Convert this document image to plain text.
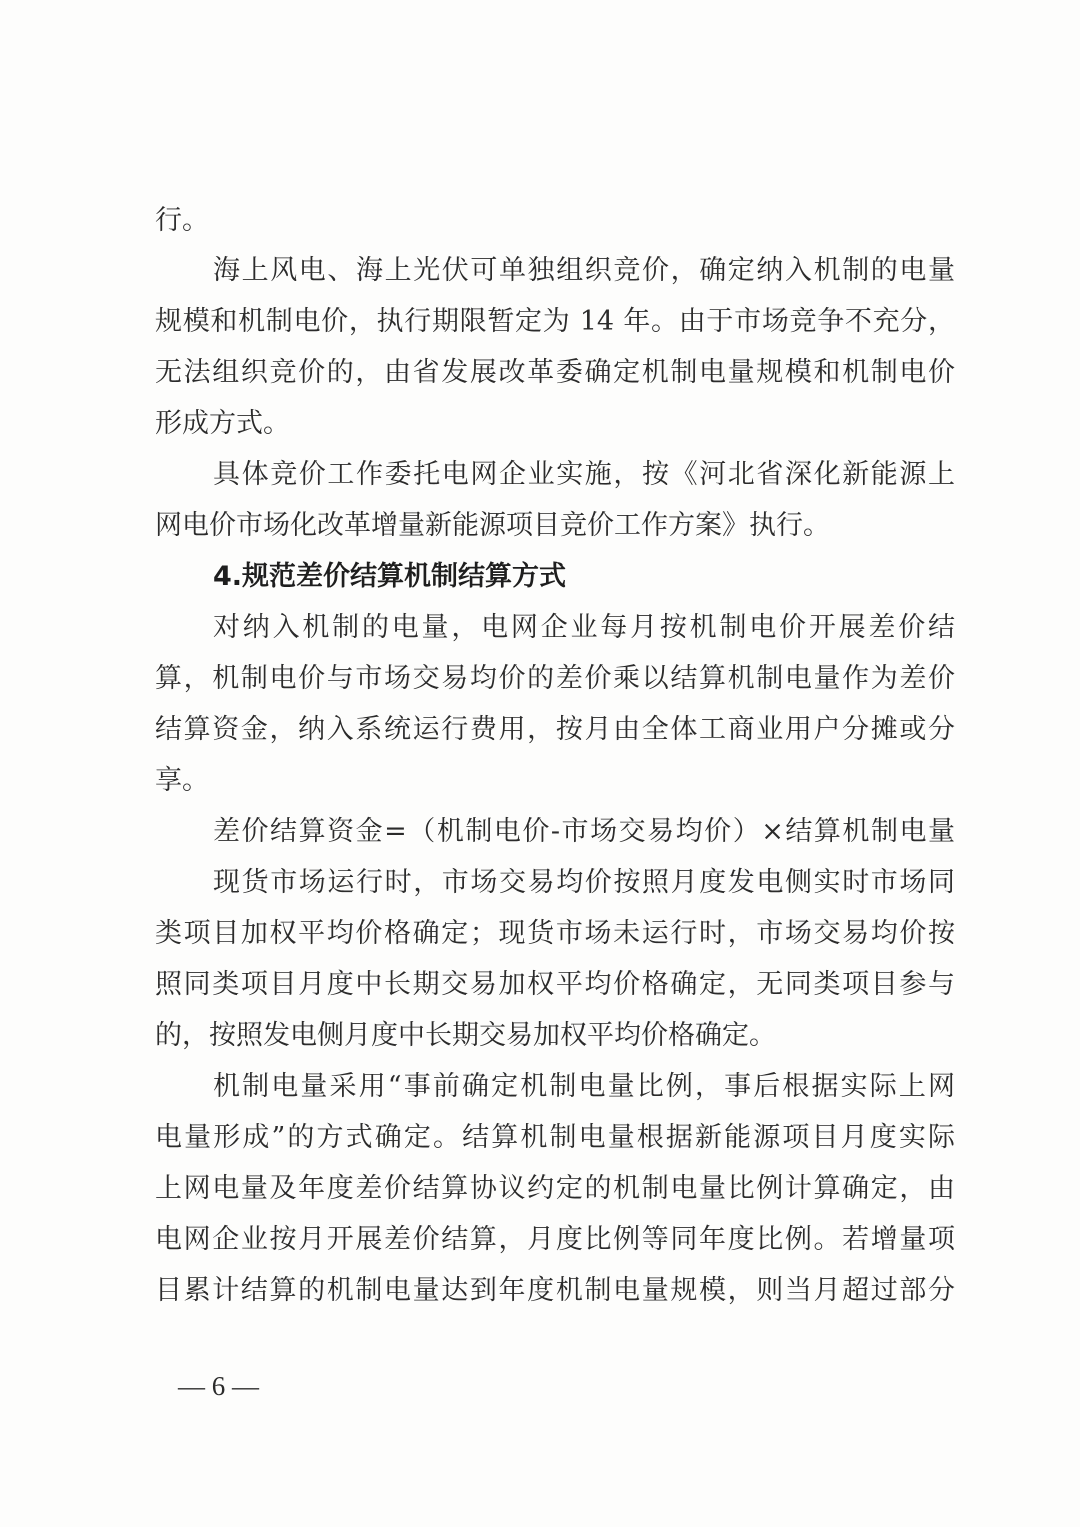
行。
海上风电、海上光伏可单独组织竞价，确定纳入机制的电量
规模和机制电价，执行期限暂定为 14 年。由于市场竞争不充分，
无法组织竞价的，由省发展改革委确定机制电量规模和机制电价
形成方式。
具体竞价工作委托电网企业实施，按《河北省深化新能源上
网电价市场化改革增量新能源项目竞价工作方案》执行。
4.规范差价结算机制结算方式
对纳入机制的电量，电网企业每月按机制电价开展差价结
算，机制电价与市场交易均价的差价乘以结算机制电量作为差价
结算资金，纳入系统运行费用，按月由全体工商业用户分摊或分
享。
差价结算资金=（机制电价-市场交易均价）×结算机制电量
现货市场运行时，市场交易均价按照月度发电侧实时市场同
类项目加权平均价格确定；现货市场未运行时，市场交易均价按
照同类项目月度中长期交易加权平均价格确定，无同类项目参与
的，按照发电侧月度中长期交易加权平均价格确定。
机制电量采用“事前确定机制电量比例，事后根据实际上网
电量形成”的方式确定。结算机制电量根据新能源项目月度实际
上网电量及年度差价结算协议约定的机制电量比例计算确定，由
电网企业按月开展差价结算，月度比例等同年度比例。若增量项
目累计结算的机制电量达到年度机制电量规模，则当月超过部分
— 6 —
